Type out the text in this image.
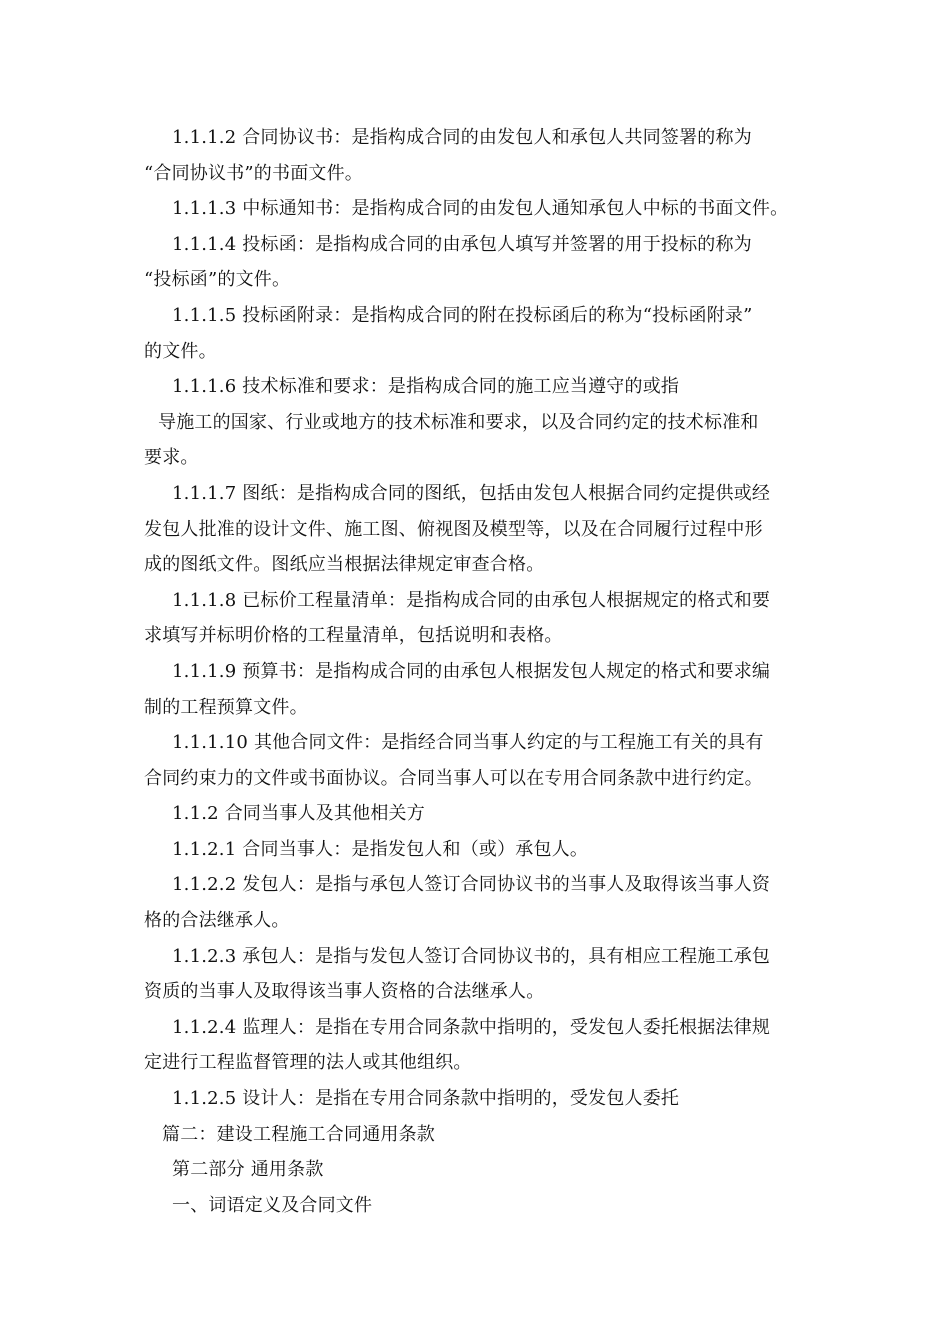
1.1.1.2 合同协议书：是指构成合同的由发包人和承包人共同签署的称为
“合同协议书”的书面文件。
1.1.1.3 中标通知书：是指构成合同的由发包人通知承包人中标的书面文件。
1.1.1.4 投标函：是指构成合同的由承包人填写并签署的用于投标的称为
“投标函”的文件。
1.1.1.5 投标函附录：是指构成合同的附在投标函后的称为“投标函附录”
的文件。
1.1.1.6 技术标准和要求：是指构成合同的施工应当遵守的或指
导施工的国家、行业或地方的技术标准和要求，以及合同约定的技术标准和
要求。
1.1.1.7 图纸：是指构成合同的图纸，包括由发包人根据合同约定提供或经
发包人批准的设计文件、施工图、俯视图及模型等，以及在合同履行过程中形
成的图纸文件。图纸应当根据法律规定审查合格。
1.1.1.8 已标价工程量清单：是指构成合同的由承包人根据规定的格式和要
求填写并标明价格的工程量清单，包括说明和表格。
1.1.1.9 预算书：是指构成合同的由承包人根据发包人规定的格式和要求编
制的工程预算文件。
1.1.1.10 其他合同文件：是指经合同当事人约定的与工程施工有关的具有
合同约束力的文件或书面协议。合同当事人可以在专用合同条款中进行约定。
1.1.2 合同当事人及其他相关方
1.1.2.1 合同当事人：是指发包人和（或）承包人。
1.1.2.2 发包人：是指与承包人签订合同协议书的当事人及取得该当事人资
格的合法继承人。
1.1.2.3 承包人：是指与发包人签订合同协议书的，具有相应工程施工承包
资质的当事人及取得该当事人资格的合法继承人。
1.1.2.4 监理人：是指在专用合同条款中指明的，受发包人委托根据法律规
定进行工程监督管理的法人或其他组织。
1.1.2.5 设计人：是指在专用合同条款中指明的，受发包人委托
篇二：建设工程施工合同通用条款
第二部分 通用条款
一、词语定义及合同文件
